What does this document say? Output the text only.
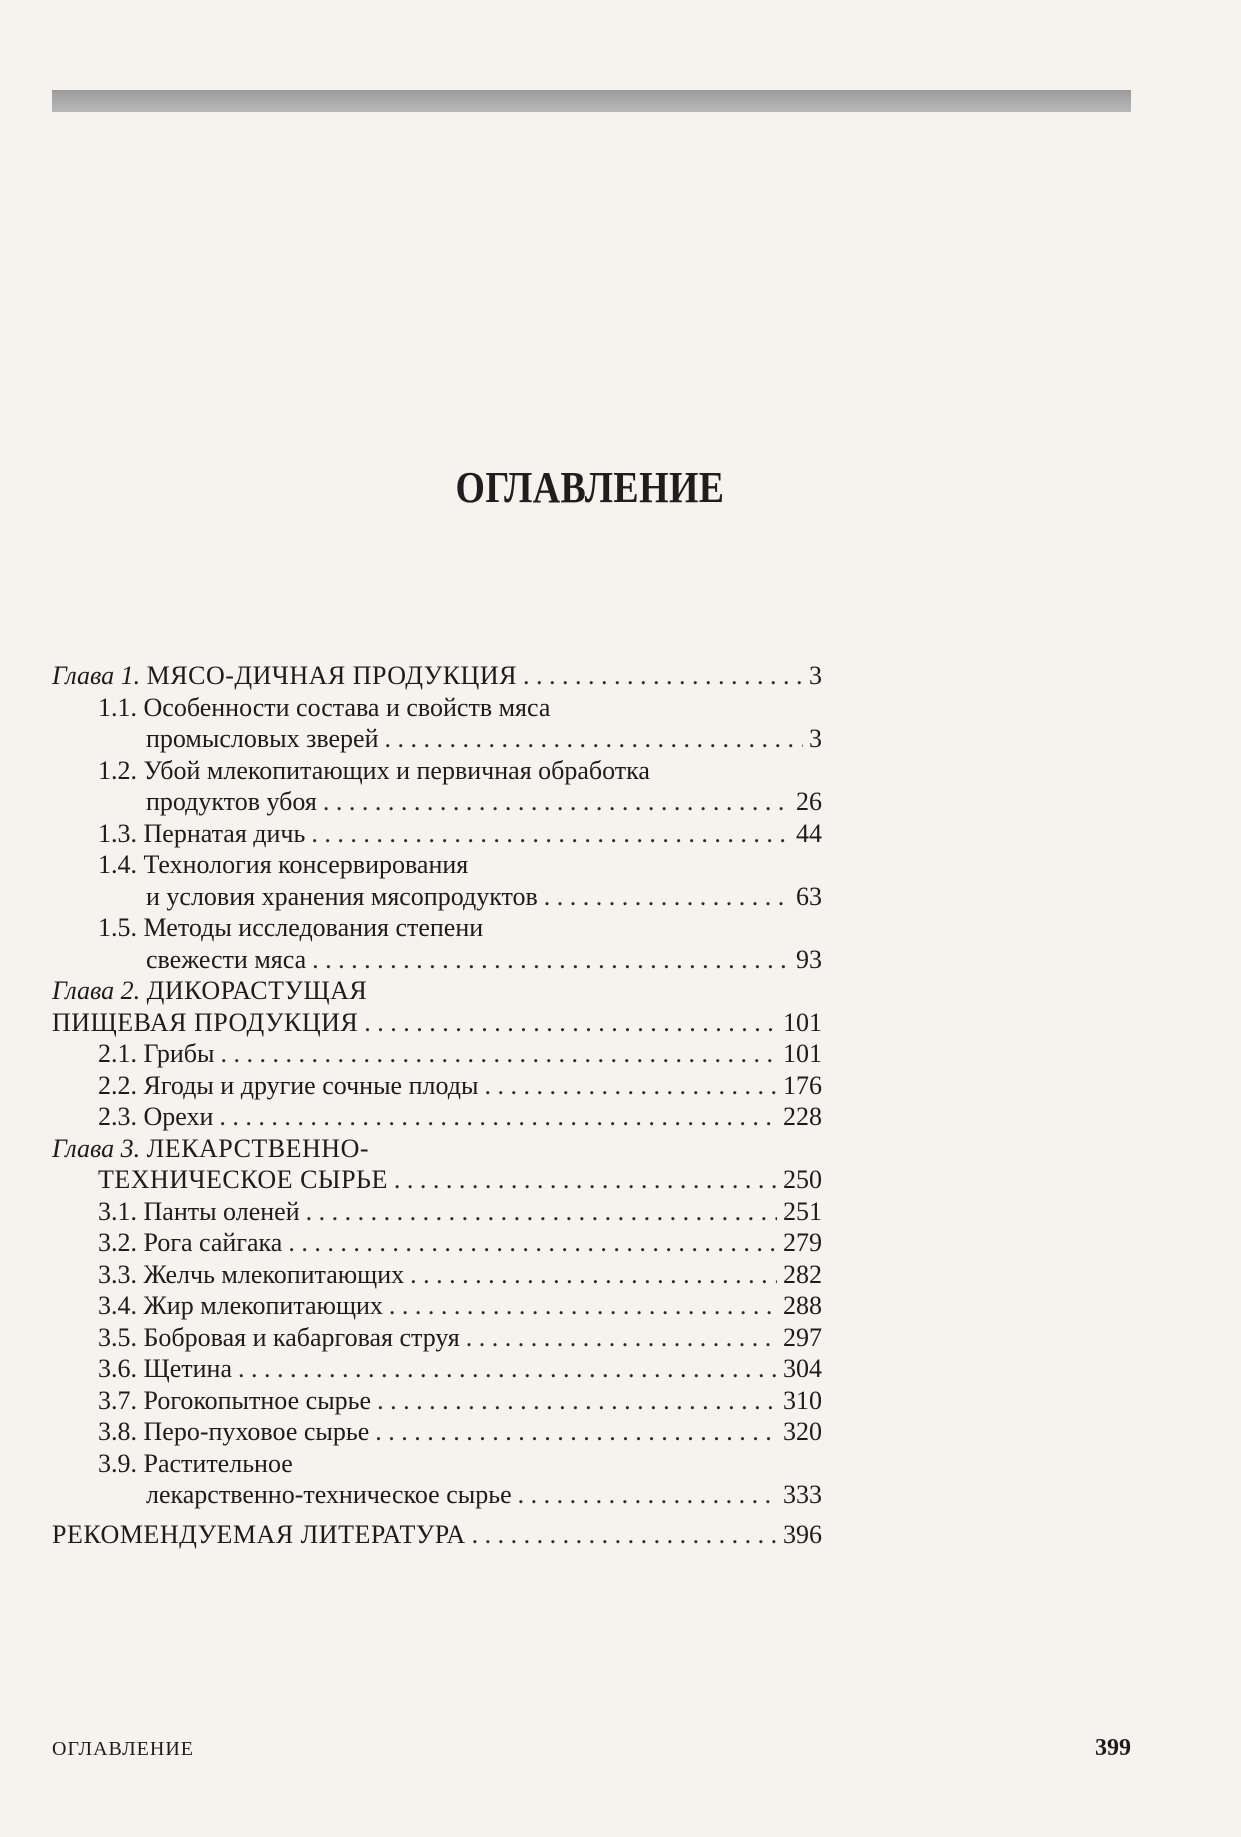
ОГЛАВЛЕНИЕ
Глава 1. МЯСО-ДИЧНАЯ ПРОДУКЦИЯ . . .	3
1.1. Особенности состава и свойств мяса
промысловых зверей . . .	3
1.2. Убой млекопитающих и первичная обработка
продуктов убоя . . .	26
1.3. Пернатая дичь . . .	44
1.4. Технология консервирования
и условия хранения мясопродуктов . . .	63
1.5. Методы исследования степени
свежести мяса . . .	93
Глава 2. ДИКОРАСТУЩАЯ
ПИЩЕВАЯ ПРОДУКЦИЯ . . .	101
2.1. Грибы . . .	101
2.2. Ягоды и другие сочные плоды . . .	176
2.3. Орехи . . .	228
Глава 3. ЛЕКАРСТВЕННО-
ТЕХНИЧЕСКОЕ СЫРЬЕ . . .	250
3.1. Панты оленей . . .	251
3.2. Рога сайгака . . .	279
3.3. Желчь млекопитающих . . .	282
3.4. Жир млекопитающих . . .	288
3.5. Бобровая и кабарговая струя . . .	297
3.6. Щетина . . .	304
3.7. Рогокопытное сырье . . .	310
3.8. Перо-пуховое сырье . . .	320
3.9. Растительное
лекарственно-техническое сырье . . .	333
РЕКОМЕНДУЕМАЯ ЛИТЕРАТУРА . . .	396
ОГЛАВЛЕНИЕ	399
